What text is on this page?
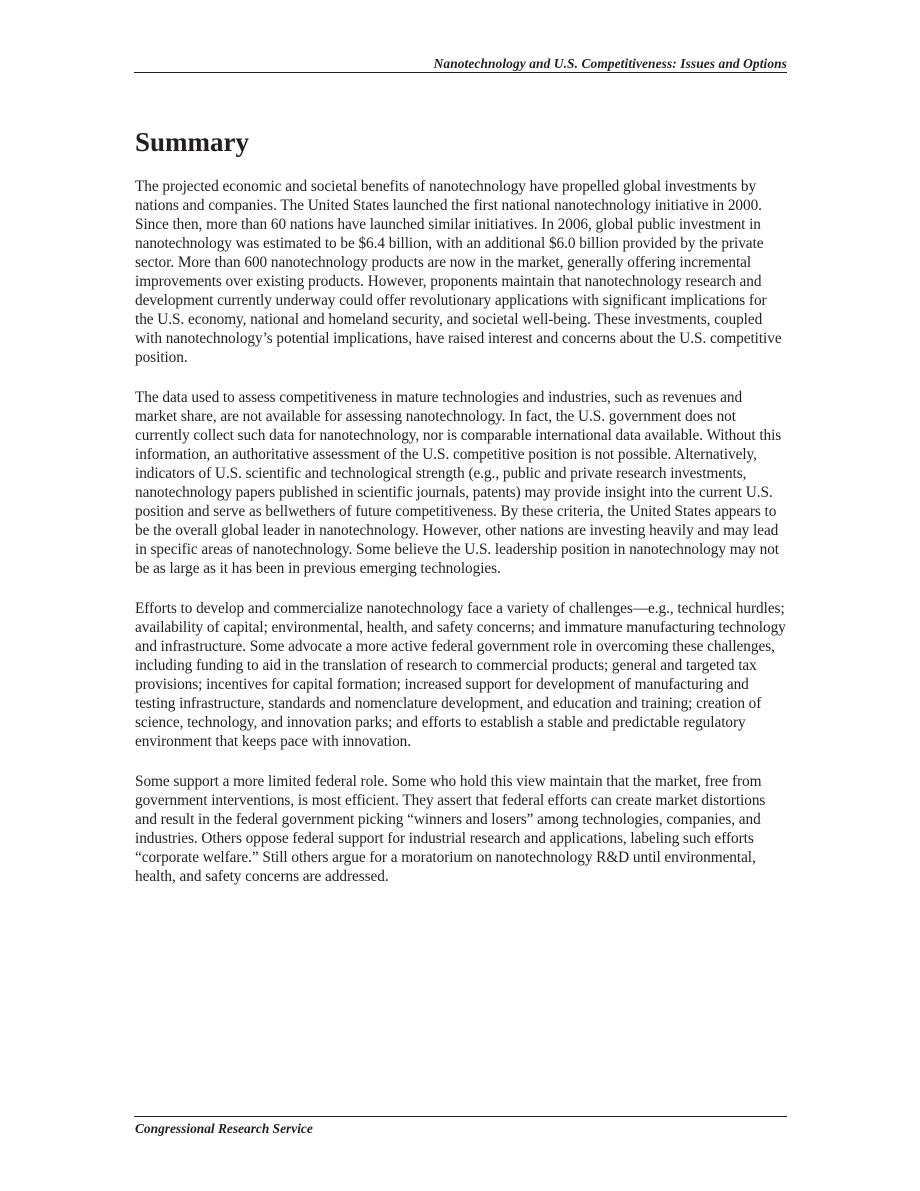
Nanotechnology and U.S. Competitiveness: Issues and Options
Summary

The projected economic and societal benefits of nanotechnology have propelled global investments by nations and companies. The United States launched the first national nanotechnology initiative in 2000. Since then, more than 60 nations have launched similar initiatives. In 2006, global public investment in nanotechnology was estimated to be $6.4 billion, with an additional $6.0 billion provided by the private sector. More than 600 nanotechnology products are now in the market, generally offering incremental improvements over existing products. However, proponents maintain that nanotechnology research and development currently underway could offer revolutionary applications with significant implications for the U.S. economy, national and homeland security, and societal well-being. These investments, coupled with nanotechnology’s potential implications, have raised interest and concerns about the U.S. competitive position.

The data used to assess competitiveness in mature technologies and industries, such as revenues and market share, are not available for assessing nanotechnology. In fact, the U.S. government does not currently collect such data for nanotechnology, nor is comparable international data available. Without this information, an authoritative assessment of the U.S. competitive position is not possible. Alternatively, indicators of U.S. scientific and technological strength (e.g., public and private research investments, nanotechnology papers published in scientific journals, patents) may provide insight into the current U.S. position and serve as bellwethers of future competitiveness. By these criteria, the United States appears to be the overall global leader in nanotechnology. However, other nations are investing heavily and may lead in specific areas of nanotechnology. Some believe the U.S. leadership position in nanotechnology may not be as large as it has been in previous emerging technologies.

Efforts to develop and commercialize nanotechnology face a variety of challenges—e.g., technical hurdles; availability of capital; environmental, health, and safety concerns; and immature manufacturing technology and infrastructure. Some advocate a more active federal government role in overcoming these challenges, including funding to aid in the translation of research to commercial products; general and targeted tax provisions; incentives for capital formation; increased support for development of manufacturing and testing infrastructure, standards and nomenclature development, and education and training; creation of science, technology, and innovation parks; and efforts to establish a stable and predictable regulatory environment that keeps pace with innovation.

Some support a more limited federal role. Some who hold this view maintain that the market, free from government interventions, is most efficient. They assert that federal efforts can create market distortions and result in the federal government picking “winners and losers” among technologies, companies, and industries. Others oppose federal support for industrial research and applications, labeling such efforts “corporate welfare.” Still others argue for a moratorium on nanotechnology R&D until environmental, health, and safety concerns are addressed.

Congressional Research Service
